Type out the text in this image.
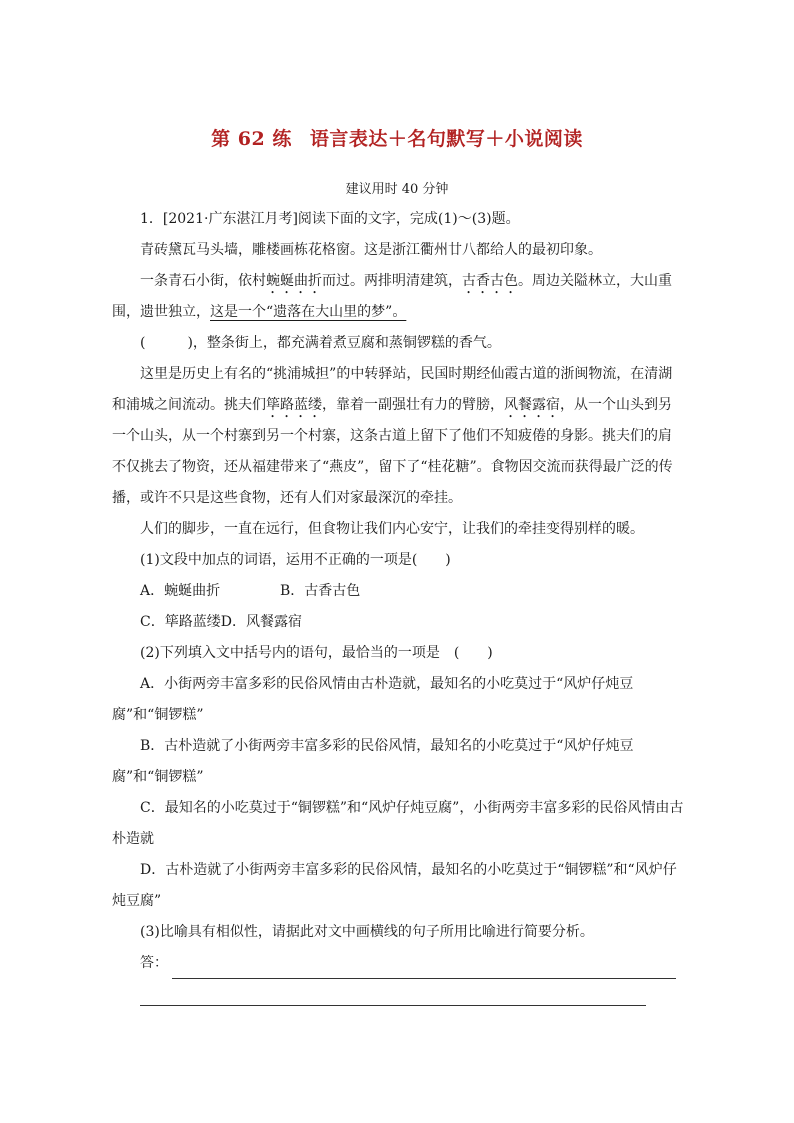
第 62 练 语言表达＋名句默写＋小说阅读
建议用时 40 分钟

1．[2021·广东湛江月考]阅读下面的文字，完成(1)～(3)题。

青砖黛瓦马头墙，雕楼画栋花格窗。这是浙江衢州廿八都给人的最初印象。

一条青石小街，依村蜿蜒曲折而过。两排明清建筑，古香古色。周边关隘林立，大山重围，遗世独立，这是一个“遗落在大山里的梦”。

(　　　)，整条街上，都充满着煮豆腐和蒸铜锣糕的香气。

这里是历史上有名的“挑浦城担”的中转驿站，民国时期经仙霞古道的浙闽物流，在清湖和浦城之间流动。挑夫们筚路蓝缕，靠着一副强壮有力的臂膀，风餐露宿，从一个山头到另一个山头，从一个村寨到另一个村寨，这条古道上留下了他们不知疲倦的身影。挑夫们的肩不仅挑去了物资，还从福建带来了“燕皮”，留下了“桂花糖”。食物因交流而获得最广泛的传播，或许不只是这些食物，还有人们对家最深沉的牵挂。

人们的脚步，一直在远行，但食物让我们内心安宁，让我们的牵挂变得别样的暖。

(1)文段中加点的词语，运用不正确的一项是(　　)

A．蜿蜒曲折	B．古香古色
C．筚路蓝缕 D．风餐露宿

(2)下列填入文中括号内的语句，最恰当的一项是　(　　)

A．小街两旁丰富多彩的民俗风情由古朴造就，最知名的小吃莫过于“风炉仔炖豆腐”和“铜锣糕”

B．古朴造就了小街两旁丰富多彩的民俗风情，最知名的小吃莫过于“风炉仔炖豆腐”和“铜锣糕”

C．最知名的小吃莫过于“铜锣糕”和“风炉仔炖豆腐”，小街两旁丰富多彩的民俗风情由古朴造就

D．古朴造就了小街两旁丰富多彩的民俗风情，最知名的小吃莫过于“铜锣糕”和“风炉仔炖豆腐”

(3)比喻具有相似性，请据此对文中画横线的句子所用比喻进行简要分析。

答：
